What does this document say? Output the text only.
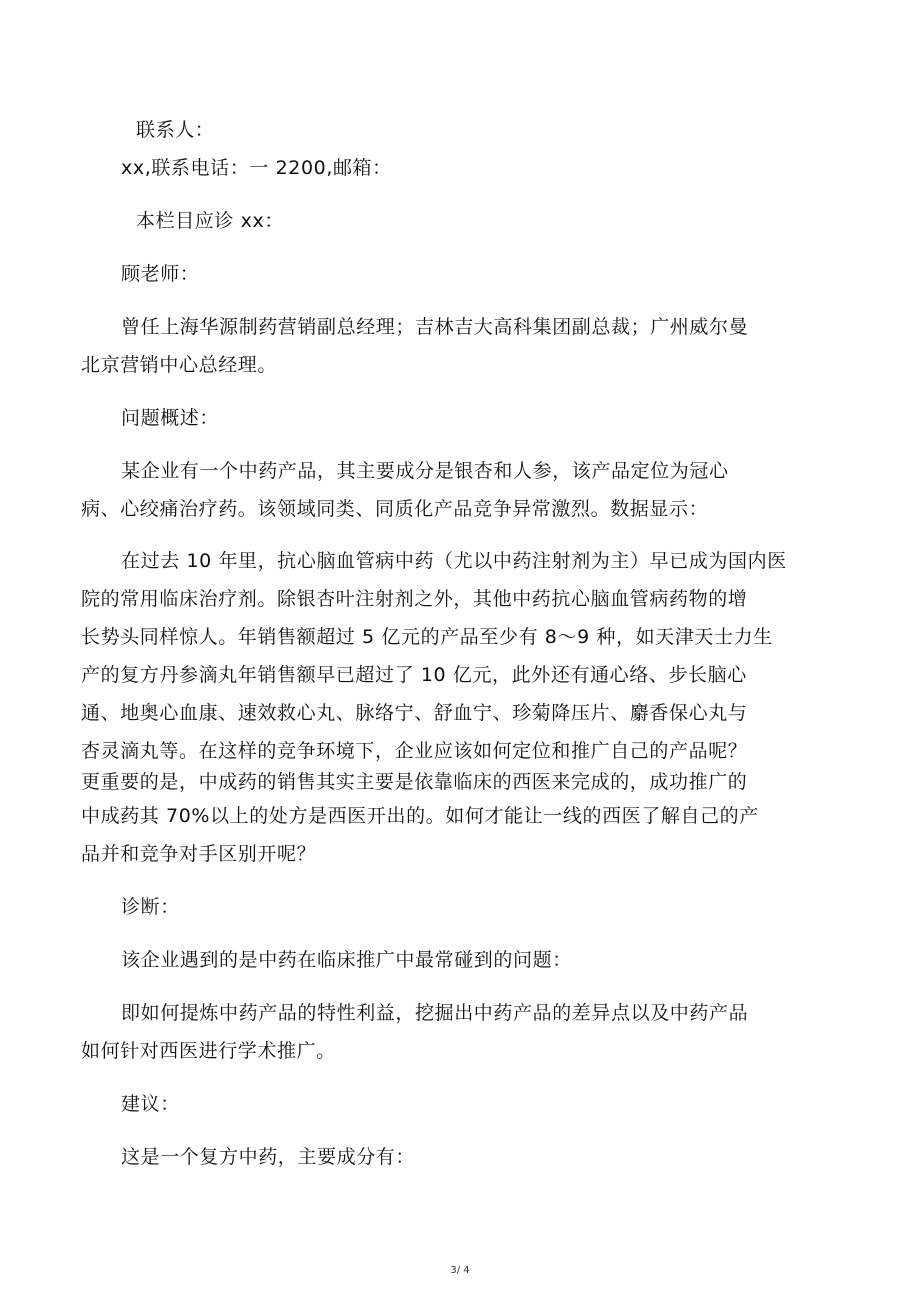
联系人：
xx,联系电话：一 2200,邮箱：
本栏目应诊 xx：
顾老师：
曾任上海华源制药营销副总经理；吉林吉大高科集团副总裁；广州威尔曼
北京营销中心总经理。
问题概述：
某企业有一个中药产品，其主要成分是银杏和人参，该产品定位为冠心
病、心绞痛治疗药。该领域同类、同质化产品竞争异常激烈。数据显示：
在过去 10 年里，抗心脑血管病中药（尤以中药注射剂为主）早已成为国内医
院的常用临床治疗剂。除银杏叶注射剂之外，其他中药抗心脑血管病药物的增
长势头同样惊人。年销售额超过 5 亿元的产品至少有 8〜9 种，如天津天士力生
产的复方丹参滴丸年销售额早已超过了 10 亿元，此外还有通心络、步长脑心
通、地奥心血康、速效救心丸、脉络宁、舒血宁、珍菊降压片、麝香保心丸与
杏灵滴丸等。在这样的竞争环境下，企业应该如何定位和推广自己的产品呢？
更重要的是，中成药的销售其实主要是依靠临床的西医来完成的，成功推广的
中成药其 70%以上的处方是西医开出的。如何才能让一线的西医了解自己的产
品并和竞争对手区别开呢？
诊断：
该企业遇到的是中药在临床推广中最常碰到的问题：
即如何提炼中药产品的特性利益，挖掘出中药产品的差异点以及中药产品
如何针对西医进行学术推广。
建议：
这是一个复方中药，主要成分有：
3/ 4
